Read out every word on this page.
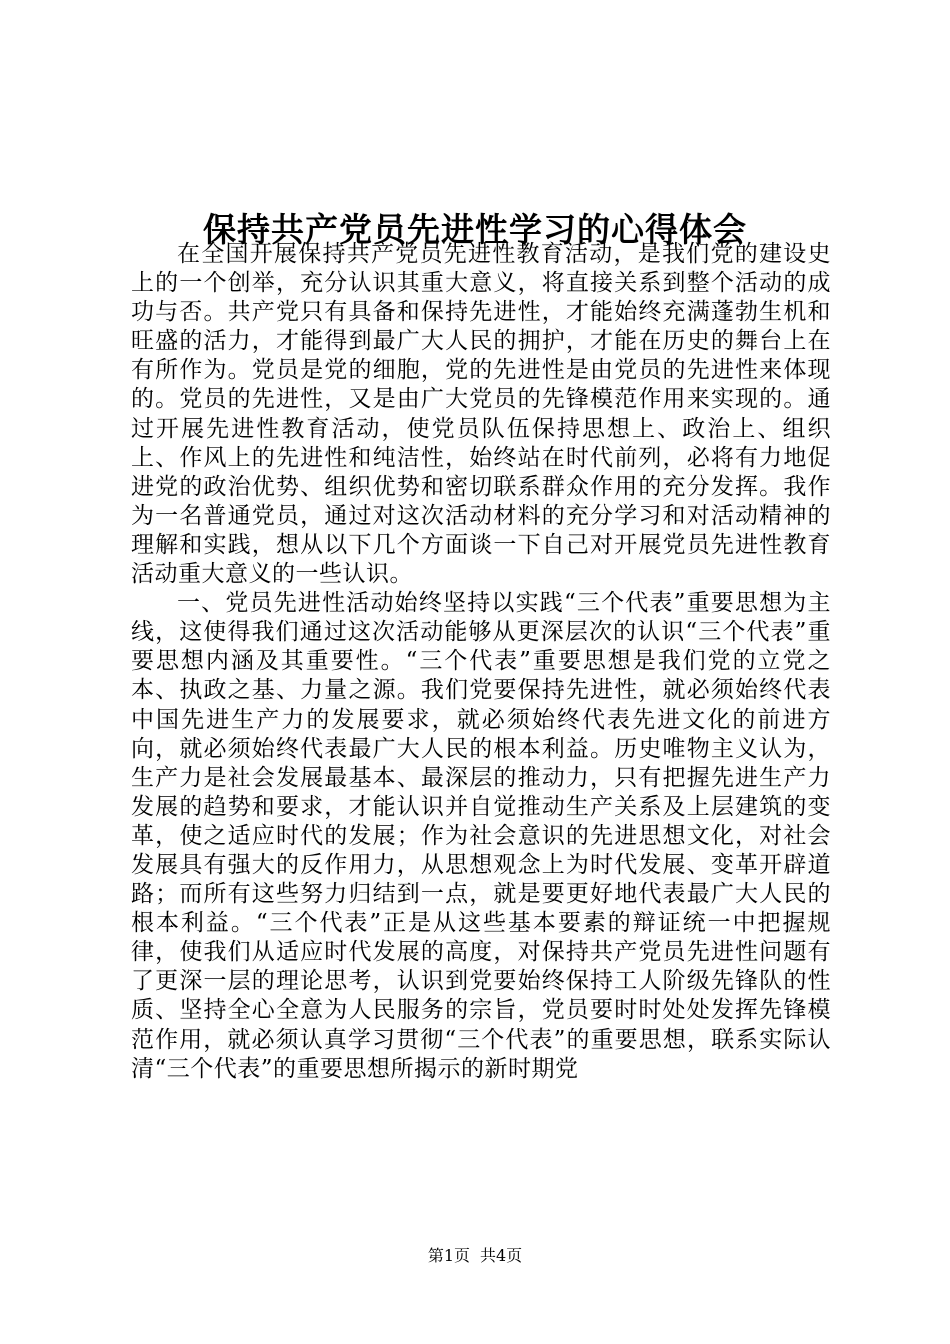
保持共产党员先进性学习的心得体会

在全国开展保持共产党员先进性教育活动，是我们党的建设史上的一个创举，充分认识其重大意义，将直接关系到整个活动的成功与否。共产党只有具备和保持先进性，才能始终充满蓬勃生机和旺盛的活力，才能得到最广大人民的拥护，才能在历史的舞台上在有所作为。党员是党的细胞，党的先进性是由党员的先进性来体现的。党员的先进性，又是由广大党员的先锋模范作用来实现的。通过开展先进性教育活动，使党员队伍保持思想上、政治上、组织上、作风上的先进性和纯洁性，始终站在时代前列，必将有力地促进党的政治优势、组织优势和密切联系群众作用的充分发挥。我作为一名普通党员，通过对这次活动材料的充分学习和对活动精神的理解和实践，想从以下几个方面谈一下自己对开展党员先进性教育活动重大意义的一些认识。

一、党员先进性活动始终坚持以实践“三个代表”重要思想为主线，这使得我们通过这次活动能够从更深层次的认识“三个代表”重要思想内涵及其重要性。“三个代表”重要思想是我们党的立党之本、执政之基、力量之源。我们党要保持先进性，就必须始终代表中国先进生产力的发展要求，就必须始终代表先进文化的前进方向，就必须始终代表最广大人民的根本利益。历史唯物主义认为，生产力是社会发展最基本、最深层的推动力，只有把握先进生产力发展的趋势和要求，才能认识并自觉推动生产关系及上层建筑的变革，使之适应时代的发展；作为社会意识的先进思想文化，对社会发展具有强大的反作用力，从思想观念上为时代发展、变革开辟道路；而所有这些努力归结到一点，就是要更好地代表最广大人民的根本利益。“三个代表”正是从这些基本要素的辩证统一中把握规律，使我们从适应时代发展的高度，对保持共产党员先进性问题有了更深一层的理论思考，认识到党要始终保持工人阶级先锋队的性质、坚持全心全意为人民服务的宗旨，党员要时时处处发挥先锋模范作用，就必须认真学习贯彻“三个代表”的重要思想，联系实际认清“三个代表”的重要思想所揭示的新时期党

第1页 共4页
